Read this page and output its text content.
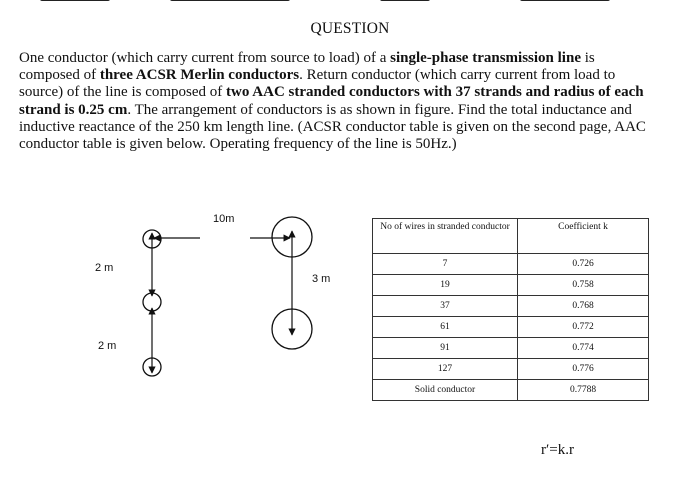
QUESTION
One conductor (which carry current from source to load) of a single-phase transmission line is composed of three ACSR Merlin conductors. Return conductor (which carry current from load to source) of the line is composed of two AAC stranded conductors with 37 strands and radius of each strand is 0.25 cm. The arrangement of conductors is as shown in figure. Find the total inductance and inductive reactance of the 250 km length line. (ACSR conductor table is given on the second page, AAC conductor table is given below. Operating frequency of the line is 50Hz.)
10m
2 m
2 m
3 m
No of wires in stranded conductor	Coefficient k
7	0.726
19	0.758
37	0.768
61	0.772
91	0.774
127	0.776
Solid conductor	0.7788
r′=k.r
